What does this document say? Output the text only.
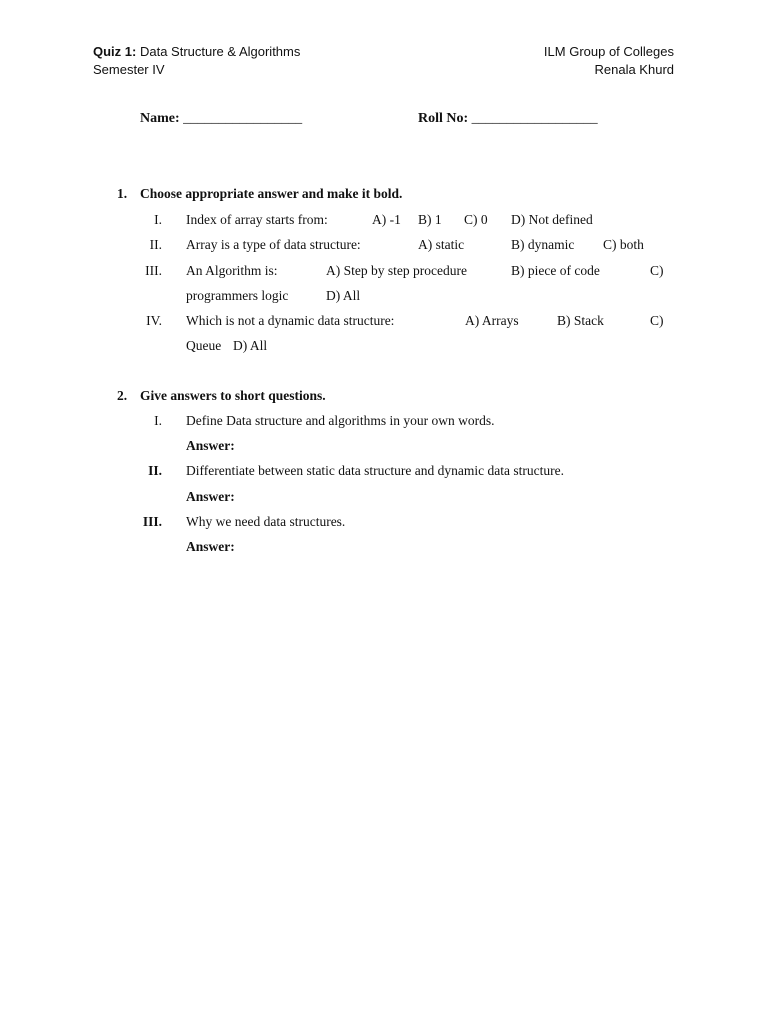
Quiz 1: Data Structure & Algorithms
Semester IV
ILM Group of Colleges
Renala Khurd
Name: _________________	Roll No: __________________
1. Choose appropriate answer and make it bold.
I. Index of array starts from:	A) -1 B) 1 C) 0 D) Not defined
II. Array is a type of data structure:	A) static	B) dynamic C) both
III. An Algorithm is:	A) Step by step procedure	B) piece of code	C)
programmers logic	D) All
IV. Which is not a dynamic data structure:	A) Arrays	B) Stack	C)
Queue D) All
2. Give answers to short questions.
I. Define Data structure and algorithms in your own words.
Answer:
II. Differentiate between static data structure and dynamic data structure.
Answer:
III. Why we need data structures.
Answer:
